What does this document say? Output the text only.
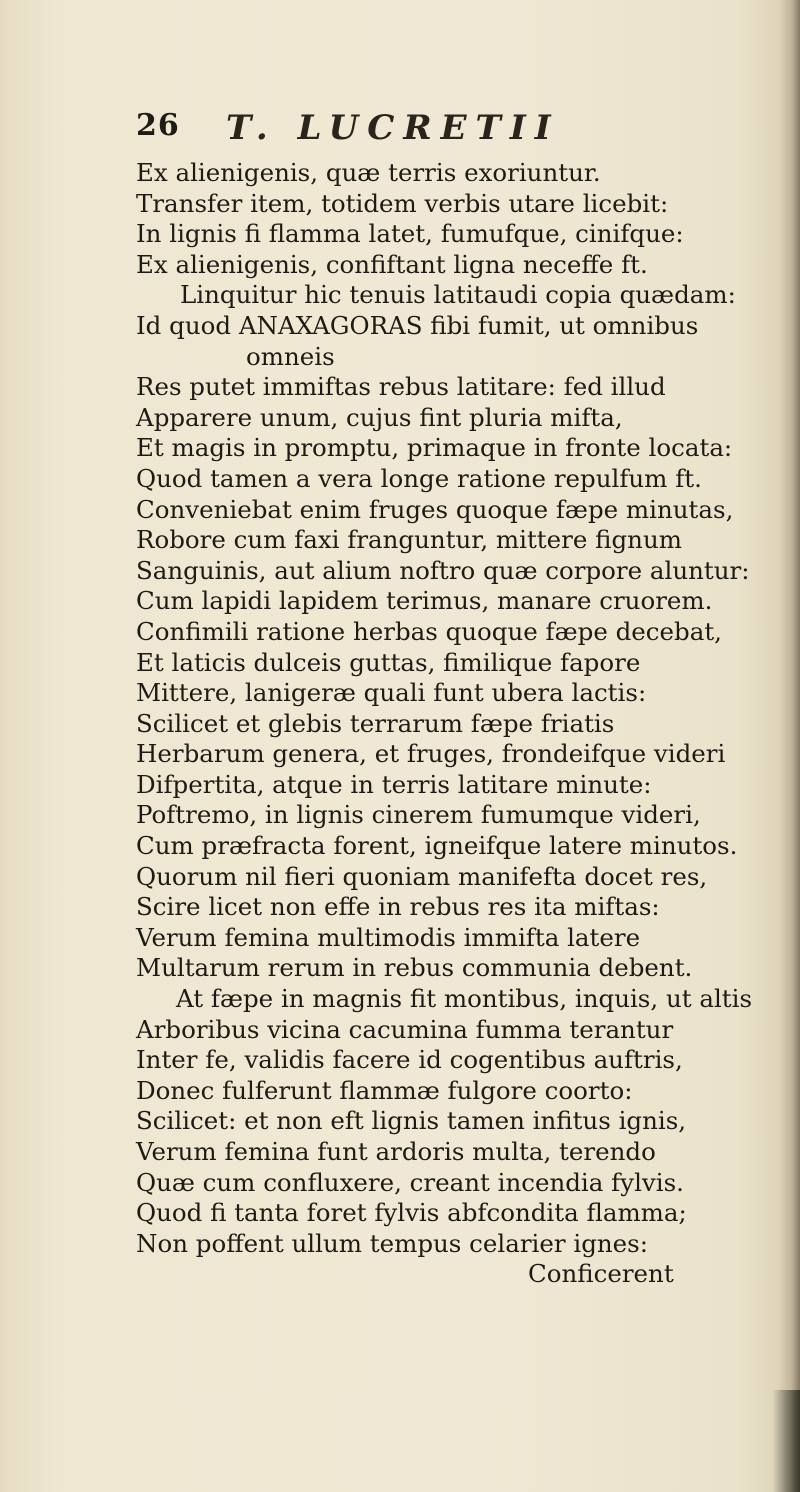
26 T. LUCRETII
Ex alienigenis, quæ terris exoriuntur.
Transfer item, totidem verbis utare licebit:
In lignis fi flamma latet, fumufque, cinifque:
Ex alienigenis, confiftant ligna neceffe ft.
Linquitur hic tenuis latitaudi copia quædam:
Id quod ANAXAGORAS fibi fumit, ut omnibus
omneis
Res putet immiftas rebus latitare: fed illud
Apparere unum, cujus fint pluria mifta,
Et magis in promptu, primaque in fronte locata:
Quod tamen a vera longe ratione repulfum ft.
Conveniebat enim fruges quoque fæpe minutas,
Robore cum faxi franguntur, mittere fignum
Sanguinis, aut alium noftro quæ corpore aluntur:
Cum lapidi lapidem terimus, manare cruorem.
Confimili ratione herbas quoque fæpe decebat,
Et laticis dulceis guttas, fimilique fapore
Mittere, lanigeræ quali funt ubera lactis:
Scilicet et glebis terrarum fæpe friatis
Herbarum genera, et fruges, frondeifque videri
Difpertita, atque in terris latitare minute:
Poftremo, in lignis cinerem fumumque videri,
Cum præfracta forent, igneifque latere minutos.
Quorum nil fieri quoniam manifefta docet res,
Scire licet non effe in rebus res ita miftas:
Verum femina multimodis immifta latere
Multarum rerum in rebus communia debent.
At fæpe in magnis fit montibus, inquis, ut altis
Arboribus vicina cacumina fumma terantur
Inter fe, validis facere id cogentibus auftris,
Donec fulferunt flammæ fulgore coorto:
Scilicet: et non eft lignis tamen infitus ignis,
Verum femina funt ardoris multa, terendo
Quæ cum confluxere, creant incendia fylvis.
Quod fi tanta foret fylvis abfcondita flamma;
Non poffent ullum tempus celarier ignes:
Conficerent
